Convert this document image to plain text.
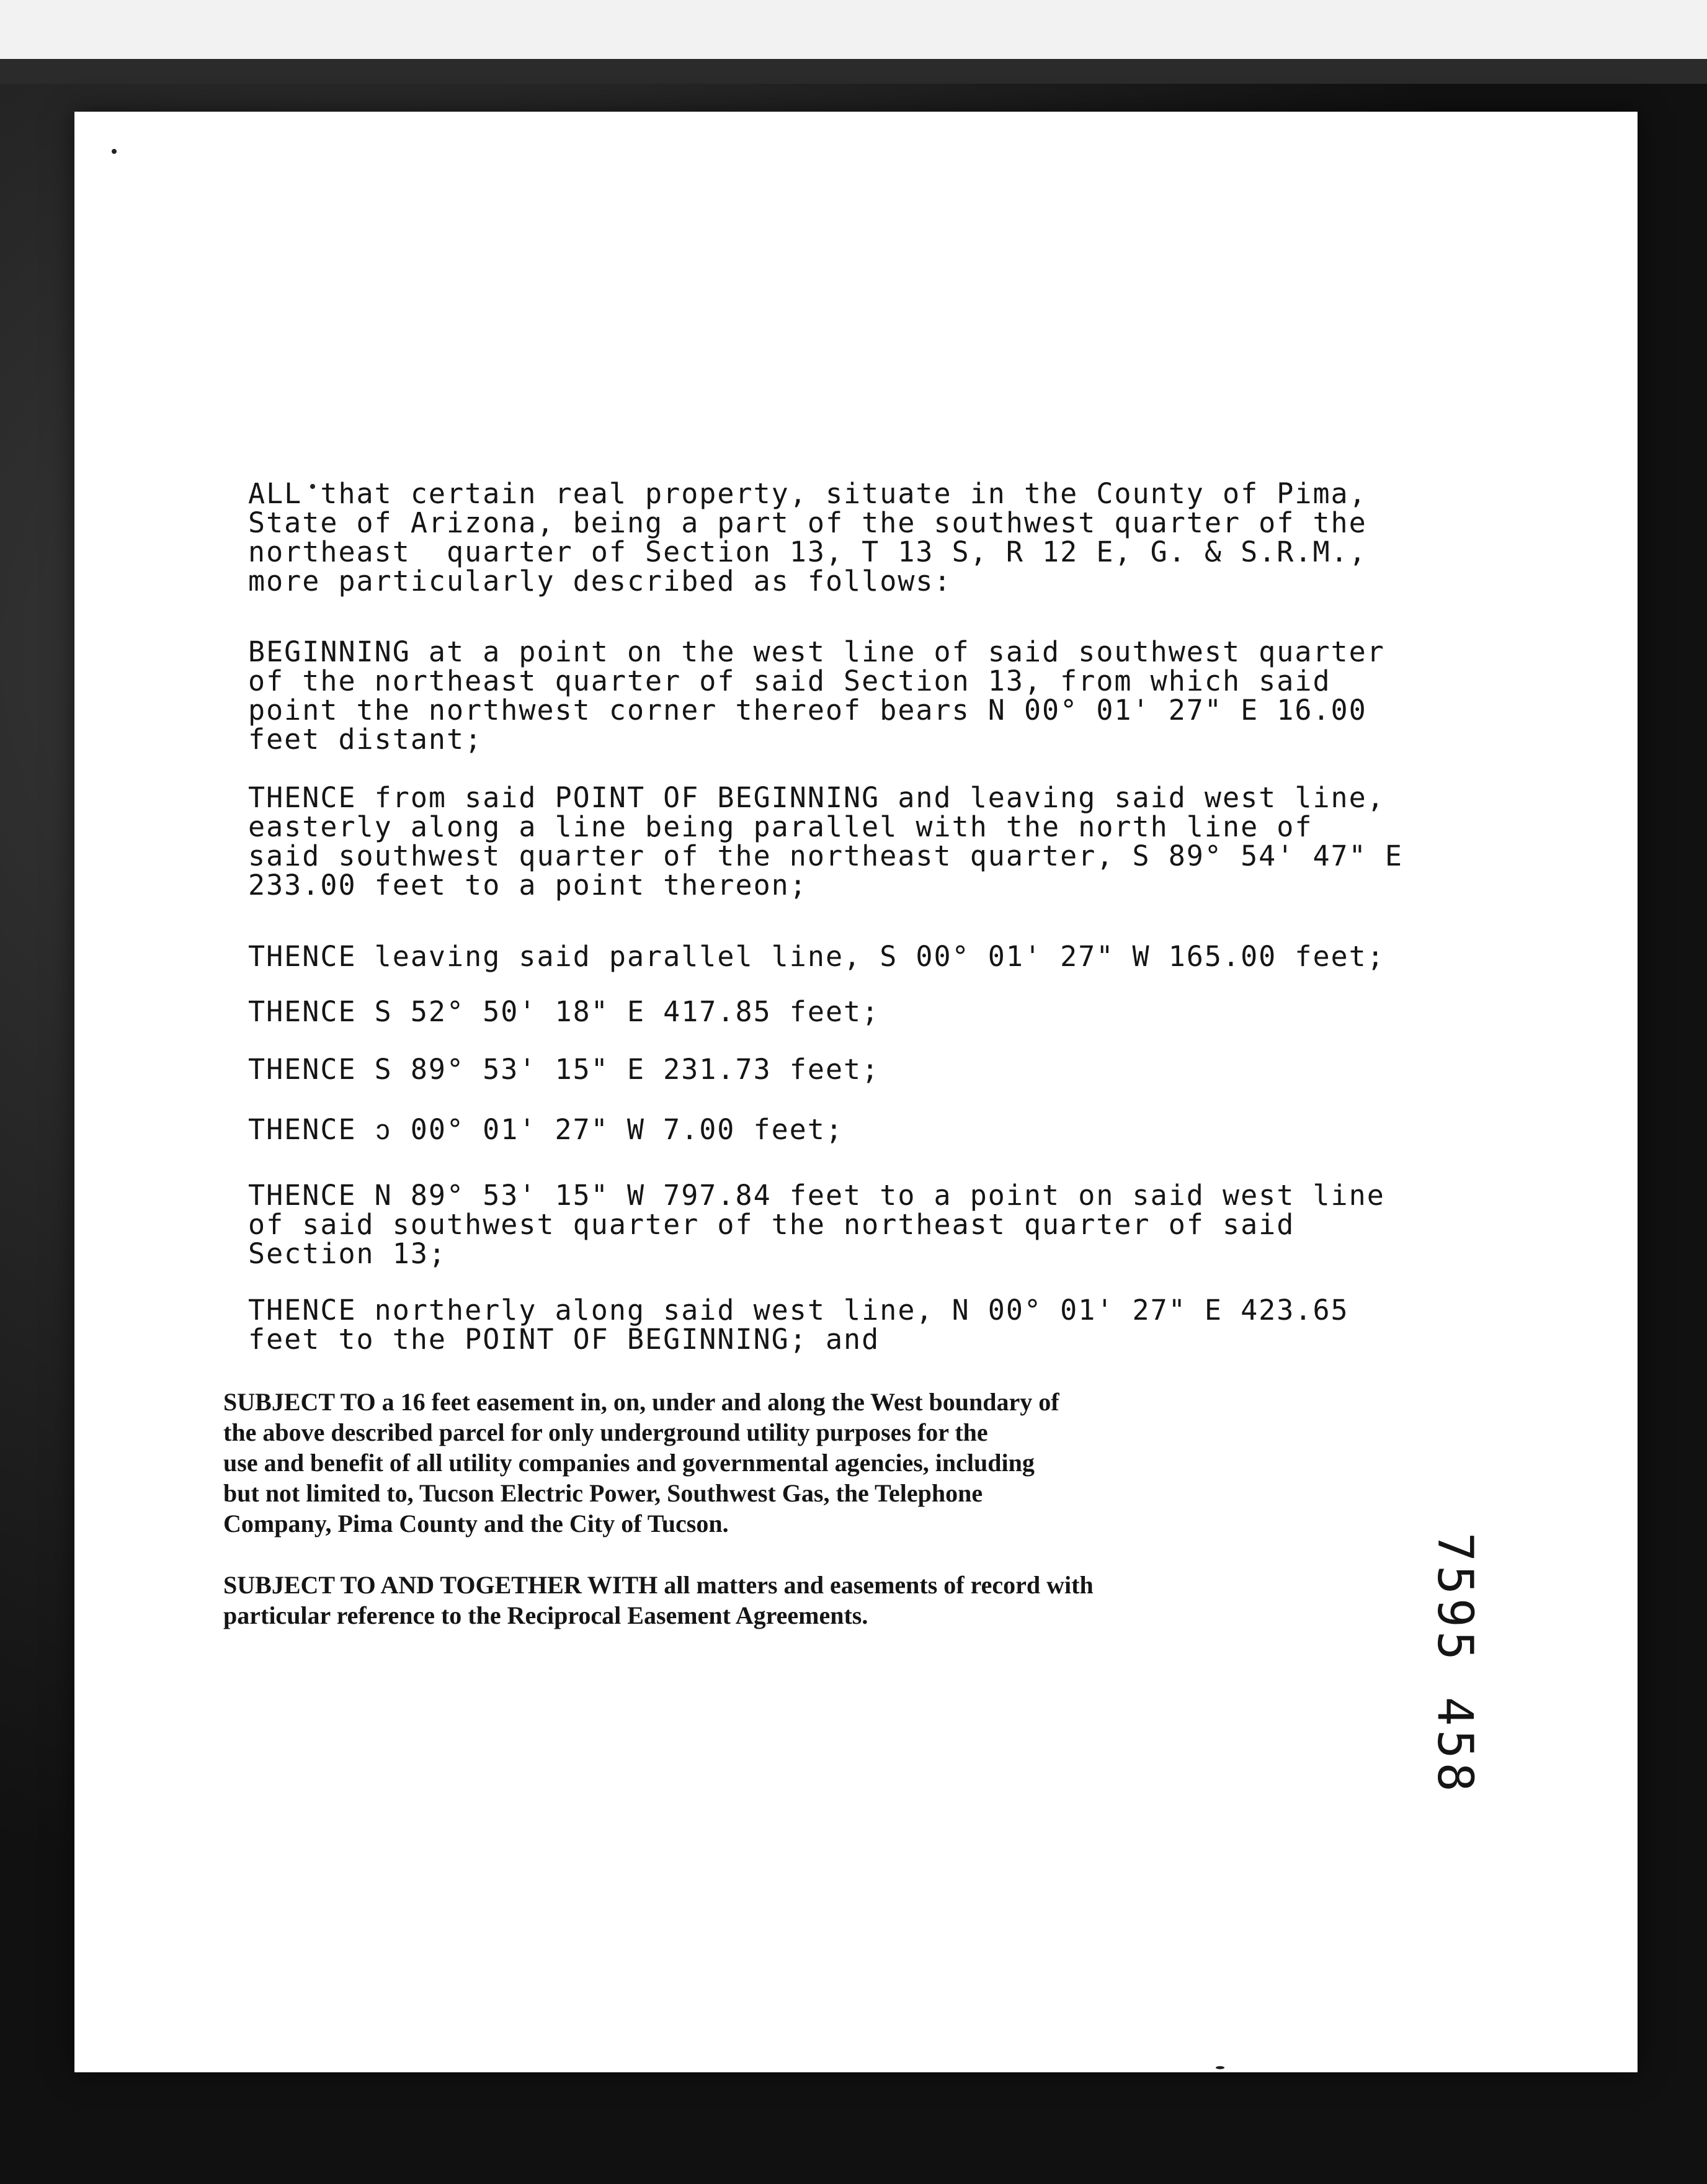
ALL that certain real property, situate in the County of Pima,
State of Arizona, being a part of the southwest quarter of the
northeast  quarter of Section 13, T 13 S, R 12 E, G. & S.R.M.,
more particularly described as follows:
BEGINNING at a point on the west line of said southwest quarter
of the northeast quarter of said Section 13, from which said
point the northwest corner thereof bears N 00° 01' 27" E 16.00
feet distant;
THENCE from said POINT OF BEGINNING and leaving said west line,
easterly along a line being parallel with the north line of
said southwest quarter of the northeast quarter, S 89° 54' 47" E
233.00 feet to a point thereon;
THENCE leaving said parallel line, S 00° 01' 27" W 165.00 feet;
THENCE S 52° 50' 18" E 417.85 feet;
THENCE S 89° 53' 15" E 231.73 feet;
THENCE ↄ 00° 01' 27" W 7.00 feet;
THENCE N 89° 53' 15" W 797.84 feet to a point on said west line
of said southwest quarter of the northeast quarter of said
Section 13;
THENCE northerly along said west line, N 00° 01' 27" E 423.65
feet to the POINT OF BEGINNING; and
SUBJECT TO a 16 feet easement in, on, under and along the West boundary of
the above described parcel for only underground utility purposes for the
use and benefit of all utility companies and governmental agencies, including
but not limited to, Tucson Electric Power, Southwest Gas, the Telephone
Company, Pima County and the City of Tucson.
SUBJECT TO AND TOGETHER WITH all matters and easements of record with
particular reference to the Reciprocal Easement Agreements.	7595 458
